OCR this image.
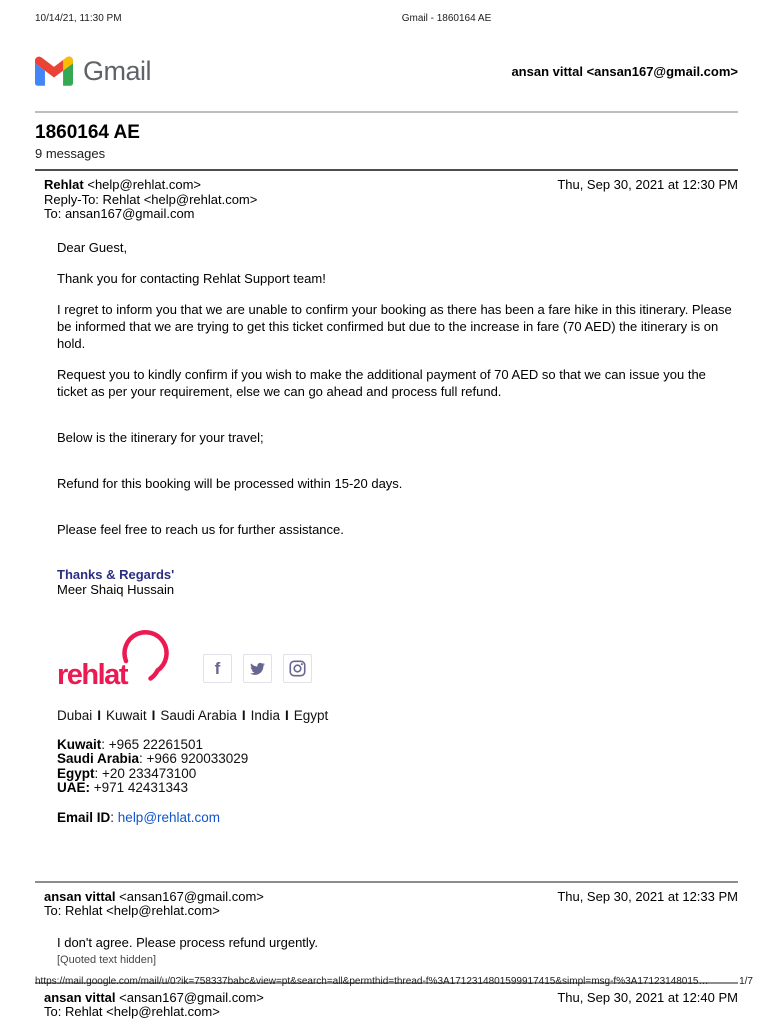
10/14/21, 11:30 PM	Gmail - 1860164 AE
Gmail	ansan vittal <ansan167@gmail.com>
1860164 AE
9 messages
Rehlat <help@rehlat.com>
Reply-To: Rehlat <help@rehlat.com>
To: ansan167@gmail.com
Thu, Sep 30, 2021 at 12:30 PM

Dear Guest,

Thank you for contacting Rehlat Support team!

I regret to inform you that we are unable to confirm your booking as there has been a fare hike in this itinerary. Please be informed that we are trying to get this ticket confirmed but due to the increase in fare (70 AED) the itinerary is on hold.

Request you to kindly confirm if you wish to make the additional payment of 70 AED so that we can issue you the ticket as per your requirement, else we can go ahead and process full refund.

Below is the itinerary for your travel;

Refund for this booking will be processed within 15-20 days.

Please feel free to reach us for further assistance.

Thanks & Regards'
Meer Shaiq Hussain
rehlat	f
Dubai I Kuwait I Saudi Arabia I India I Egypt
Kuwait: +965 22261501
Saudi Arabia: +966 920033029
Egypt: +20 233473100
UAE: +971 42431343
Email ID: help@rehlat.com
ansan vittal <ansan167@gmail.com>
To: Rehlat <help@rehlat.com>
Thu, Sep 30, 2021 at 12:33 PM
I don't agree. Please process refund urgently.
[Quoted text hidden]
ansan vittal <ansan167@gmail.com>
To: Rehlat <help@rehlat.com>
Thu, Sep 30, 2021 at 12:40 PM
https://mail.google.com/mail/u/0?ik=758337babc&view=pt&search=all&permthid=thread-f%3A1712314801599917415&simpl=msg-f%3A17123148015…	1/7
